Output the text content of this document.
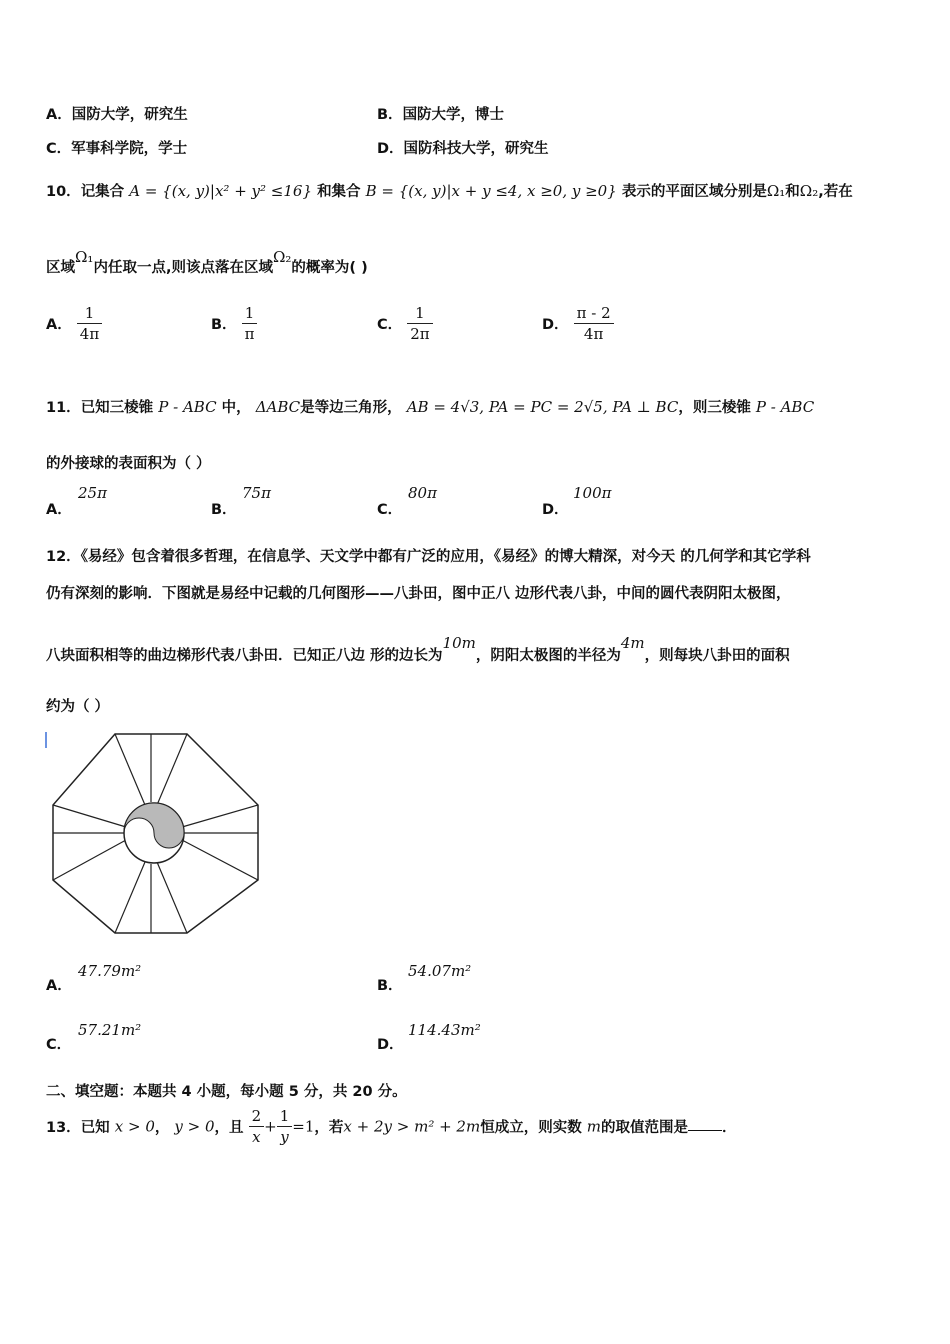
A．国防大学，研究生	B．国防大学，博士
C．军事科学院，学士	D．国防科技大学，研究生
10．记集合 A = {(x, y)|x² + y² ≤16} 和集合 B = {(x, y)|x + y ≤4, x ≥0, y ≥0} 表示的平面区域分别是Ω₁和Ω₂,若在
区域Ω₁内任取一点,则该点落在区域Ω₂的概率为( )
A． $\frac{1}{4\pi}$	B． $\frac{1}{\pi}$	C． $\frac{1}{2\pi}$	D． $\frac{\pi - 2}{4\pi}$
11．已知三棱锥 P - ABC 中， ΔABC是等边三角形， AB = 4√3, PA = PC = 2√5, PA ⊥ BC，则三棱锥 P - ABC
的外接球的表面积为（ ）
A．
25π
B．
75π
C．
80π
D．
100π
12．《易经》包含着很多哲理，在信息学、天文学中都有广泛的应用，《易经》的博大精深，对今天 的几何学和其它学科
仍有深刻的影响．下图就是易经中记载的几何图形——八卦田，图中正八 边形代表八卦，中间的圆代表阴阳太极图，
八块面积相等的曲边梯形代表八卦田．已知正八边 形的边长为10m，阴阳太极图的半径为4m，则每块八卦田的面积
约为（ ）
A．
47.79m²
B．
54.07m²
C．
57.21m²
D．
114.43m²
二、填空题：本题共 4 小题，每小题 5 分，共 20 分。
13．已知 x > 0， y > 0，且 $\frac{2}{x} + \frac{1}{y} =1$，若x + 2y > m² + 2m恒成立，则实数 m的取值范围是 ．
